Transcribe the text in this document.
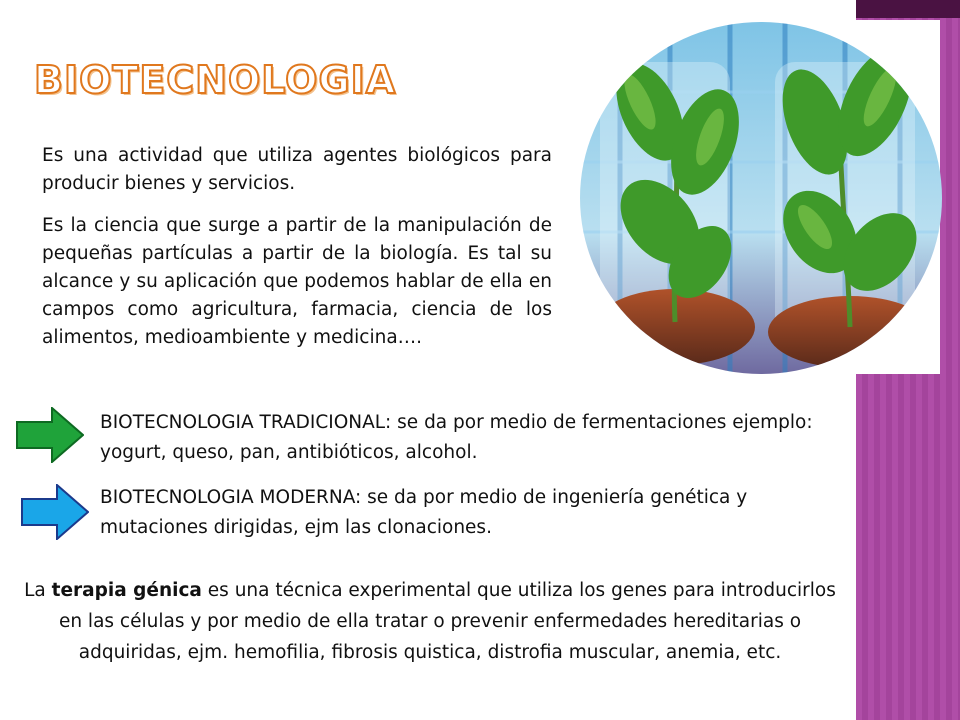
BIOTECNOLOGIA

Es una actividad que utiliza agentes biológicos para producir bienes y servicios.

Es la ciencia que surge a partir de la manipulación de pequeñas partículas a partir de la biología. Es tal su alcance y su aplicación que podemos hablar de ella en campos como agricultura, farmacia, ciencia de los alimentos, medioambiente y medicina….

BIOTECNOLOGIA TRADICIONAL: se da por medio de fermentaciones ejemplo: yogurt, queso, pan, antibióticos, alcohol.

BIOTECNOLOGIA MODERNA: se da por medio de ingeniería genética y mutaciones dirigidas, ejm las clonaciones.

La terapia génica es una técnica experimental que utiliza los genes para introducirlos en las células y por medio de ella tratar o prevenir enfermedades hereditarias o adquiridas, ejm. hemofilia, fibrosis quistica, distrofia muscular, anemia, etc.
